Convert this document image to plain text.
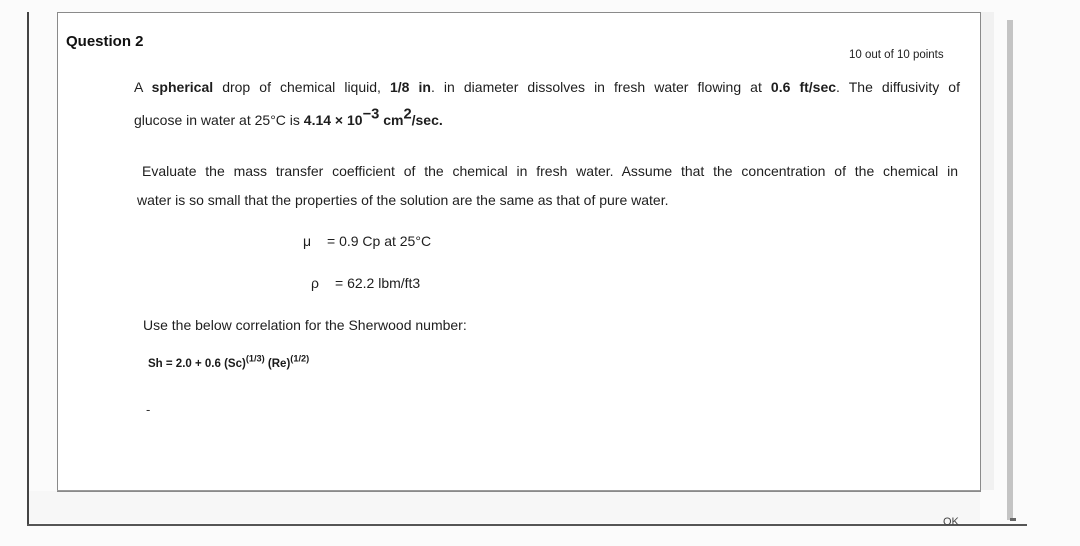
Question 2
10 out of 10 points
A spherical drop of chemical liquid, 1/8 in. in diameter dissolves in fresh water flowing at 0.6 ft/sec. The diffusivity of
glucose in water at 25°C is $4.14 \times 10^{-3}$ $cm^2/\sec$.
Evaluate the mass transfer coefficient of the chemical in fresh water. Assume that the concentration of the chemical in
water is so small that the properties of the solution are the same as that of pure water.
μ = 0.9 Cp at 25°C
ρ = 62.2 lbm/ft3
Use the below correlation for the Sherwood number:
Sh = 2.0 + 0.6 $(Sc)^{(1/3)}$ $(Re)^{(1/2)}$
-
OK
